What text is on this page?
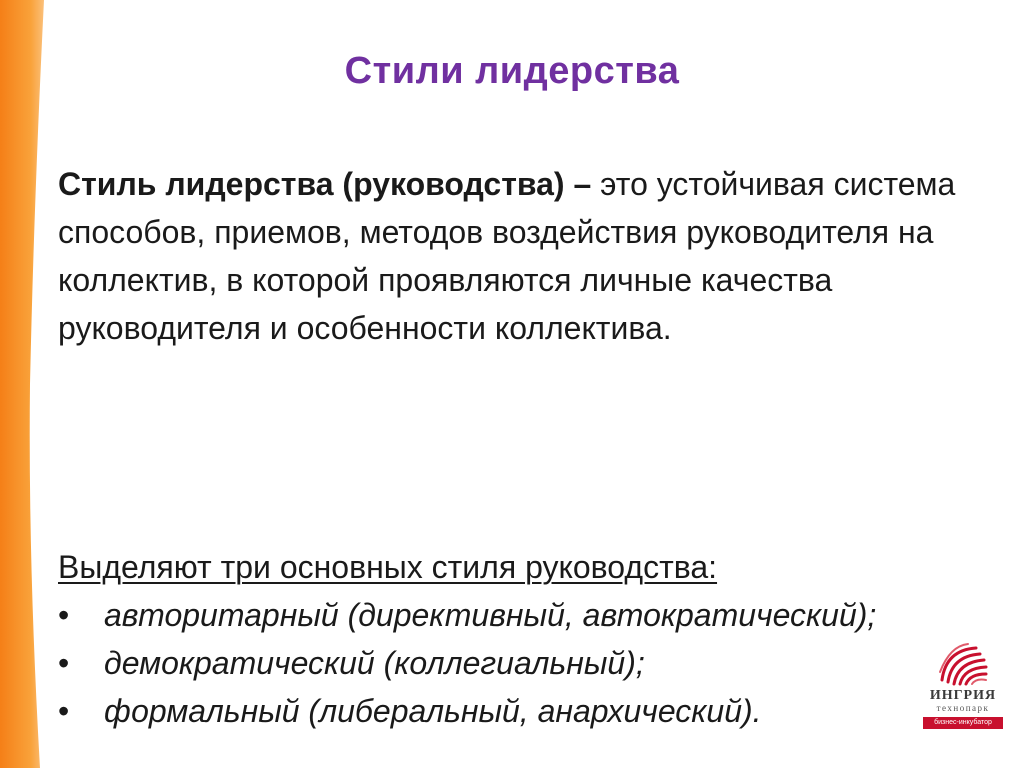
Стили лидерства
Стиль лидерства (руководства) – это устойчивая система способов, приемов, методов воздействия руководителя на коллектив, в которой проявляются личные качества руководителя и особенности коллектива.
Выделяют три основных стиля руководства:
•	авторитарный (директивный, автократический);
•	демократический (коллегиальный);
•	формальный (либеральный, анархический).	ИНГРИЯ
технопарк
бизнес-инкубатор
